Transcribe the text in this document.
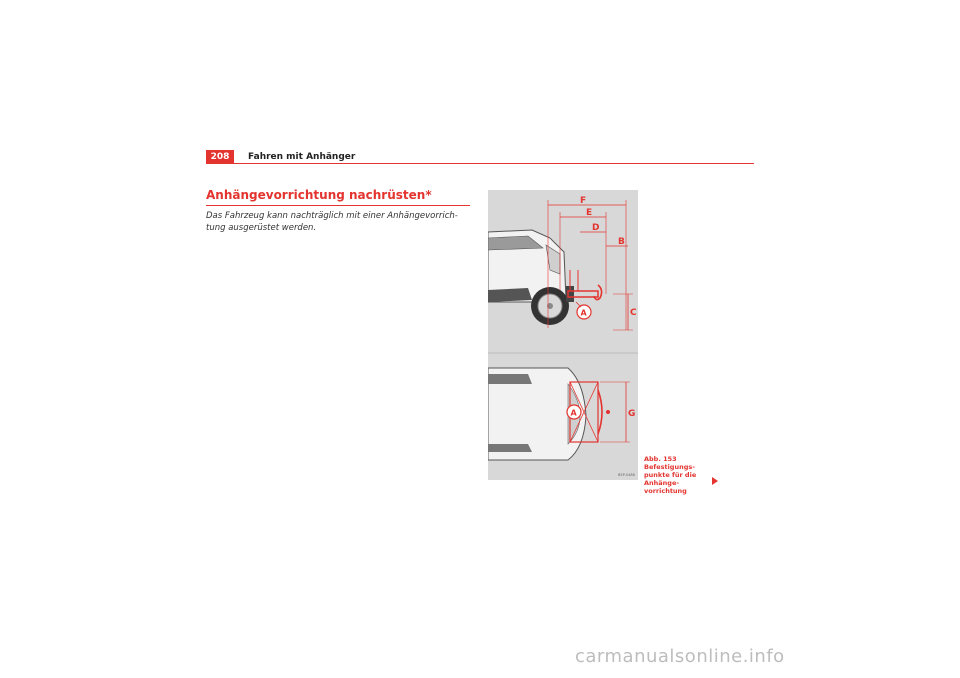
208	Fahren mit Anhänger
Anhängevorrichtung nachrüsten*
Das Fahrzeug kann nachträglich mit einer Anhängevorrich-tung ausgerüstet werden.
F
E
D
B
C
A
A	G
B5P-0486
Abb. 153 Befestigungs-
punkte für die Anhänge-
vorrichtung
carmanualsonline.info
